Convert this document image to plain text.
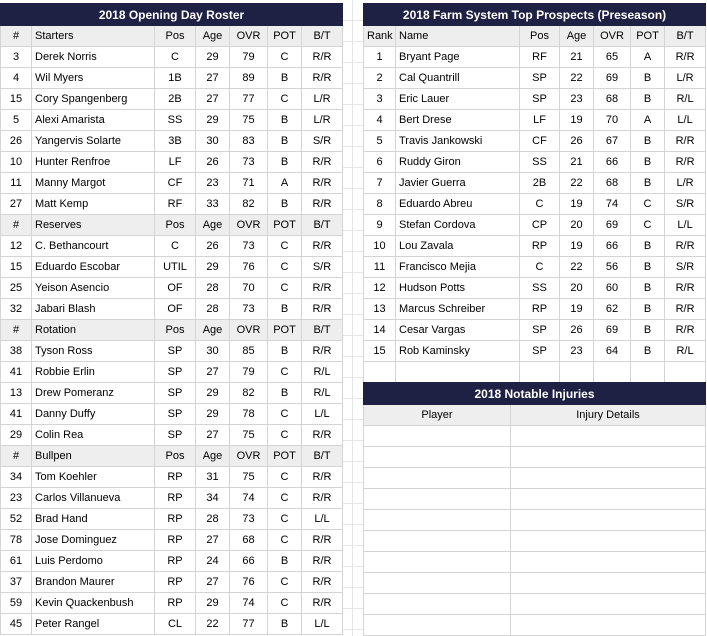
2018 Opening Day Roster						
#	Starters	Pos	Age	OVR	POT	B/T
3	Derek Norris	C	29	79	C	R/R
4	Wil Myers	1B	27	89	B	R/R
15	Cory Spangenberg	2B	27	77	C	L/R
5	Alexi Amarista	SS	29	75	B	L/R
26	Yangervis Solarte	3B	30	83	B	S/R
10	Hunter Renfroe	LF	26	73	B	R/R
11	Manny Margot	CF	23	71	A	R/R
27	Matt Kemp	RF	33	82	B	R/R
#	Reserves	Pos	Age	OVR	POT	B/T
12	C. Bethancourt	C	26	73	C	R/R
15	Eduardo Escobar	UTIL	29	76	C	S/R
25	Yeison Asencio	OF	28	70	C	R/R
32	Jabari Blash	OF	28	73	B	R/R
#	Rotation	Pos	Age	OVR	POT	B/T
38	Tyson Ross	SP	30	85	B	R/R
41	Robbie Erlin	SP	27	79	C	R/L
13	Drew Pomeranz	SP	29	82	B	R/L
41	Danny Duffy	SP	29	78	C	L/L
29	Colin Rea	SP	27	75	C	R/R
#	Bullpen	Pos	Age	OVR	POT	B/T
34	Tom Koehler	RP	31	75	C	R/R
23	Carlos Villanueva	RP	34	74	C	R/R
52	Brad Hand	RP	28	73	C	L/L
78	Jose Dominguez	RP	27	68	C	R/R
61	Luis Perdomo	RP	24	66	B	R/R
37	Brandon Maurer	RP	27	76	C	R/R
59	Kevin Quackenbush	RP	29	74	C	R/R
45	Peter Rangel	CL	22	77	B	L/L
2018 Farm System Top Prospects (Preseason)						
Rank	Name	Pos	Age	OVR	POT	B/T
1	Bryant Page	RF	21	65	A	R/R
2	Cal Quantrill	SP	22	69	B	L/R
3	Eric Lauer	SP	23	68	B	R/L
4	Bert Drese	LF	19	70	A	L/L
5	Travis Jankowski	CF	26	67	B	R/R
6	Ruddy Giron	SS	21	66	B	R/R
7	Javier Guerra	2B	22	68	B	L/R
8	Eduardo Abreu	C	19	74	C	S/R
9	Stefan Cordova	CP	20	69	C	L/L
10	Lou Zavala	RP	19	66	B	R/R
11	Francisco Mejia	C	22	56	B	S/R
12	Hudson Potts	SS	20	60	B	R/R
13	Marcus Schreiber	RP	19	62	B	R/R
14	Cesar Vargas	SP	26	69	B	R/R
15	Rob Kaminsky	SP	23	64	B	R/L

2018 Notable Injuries	
Player	Injury Details
